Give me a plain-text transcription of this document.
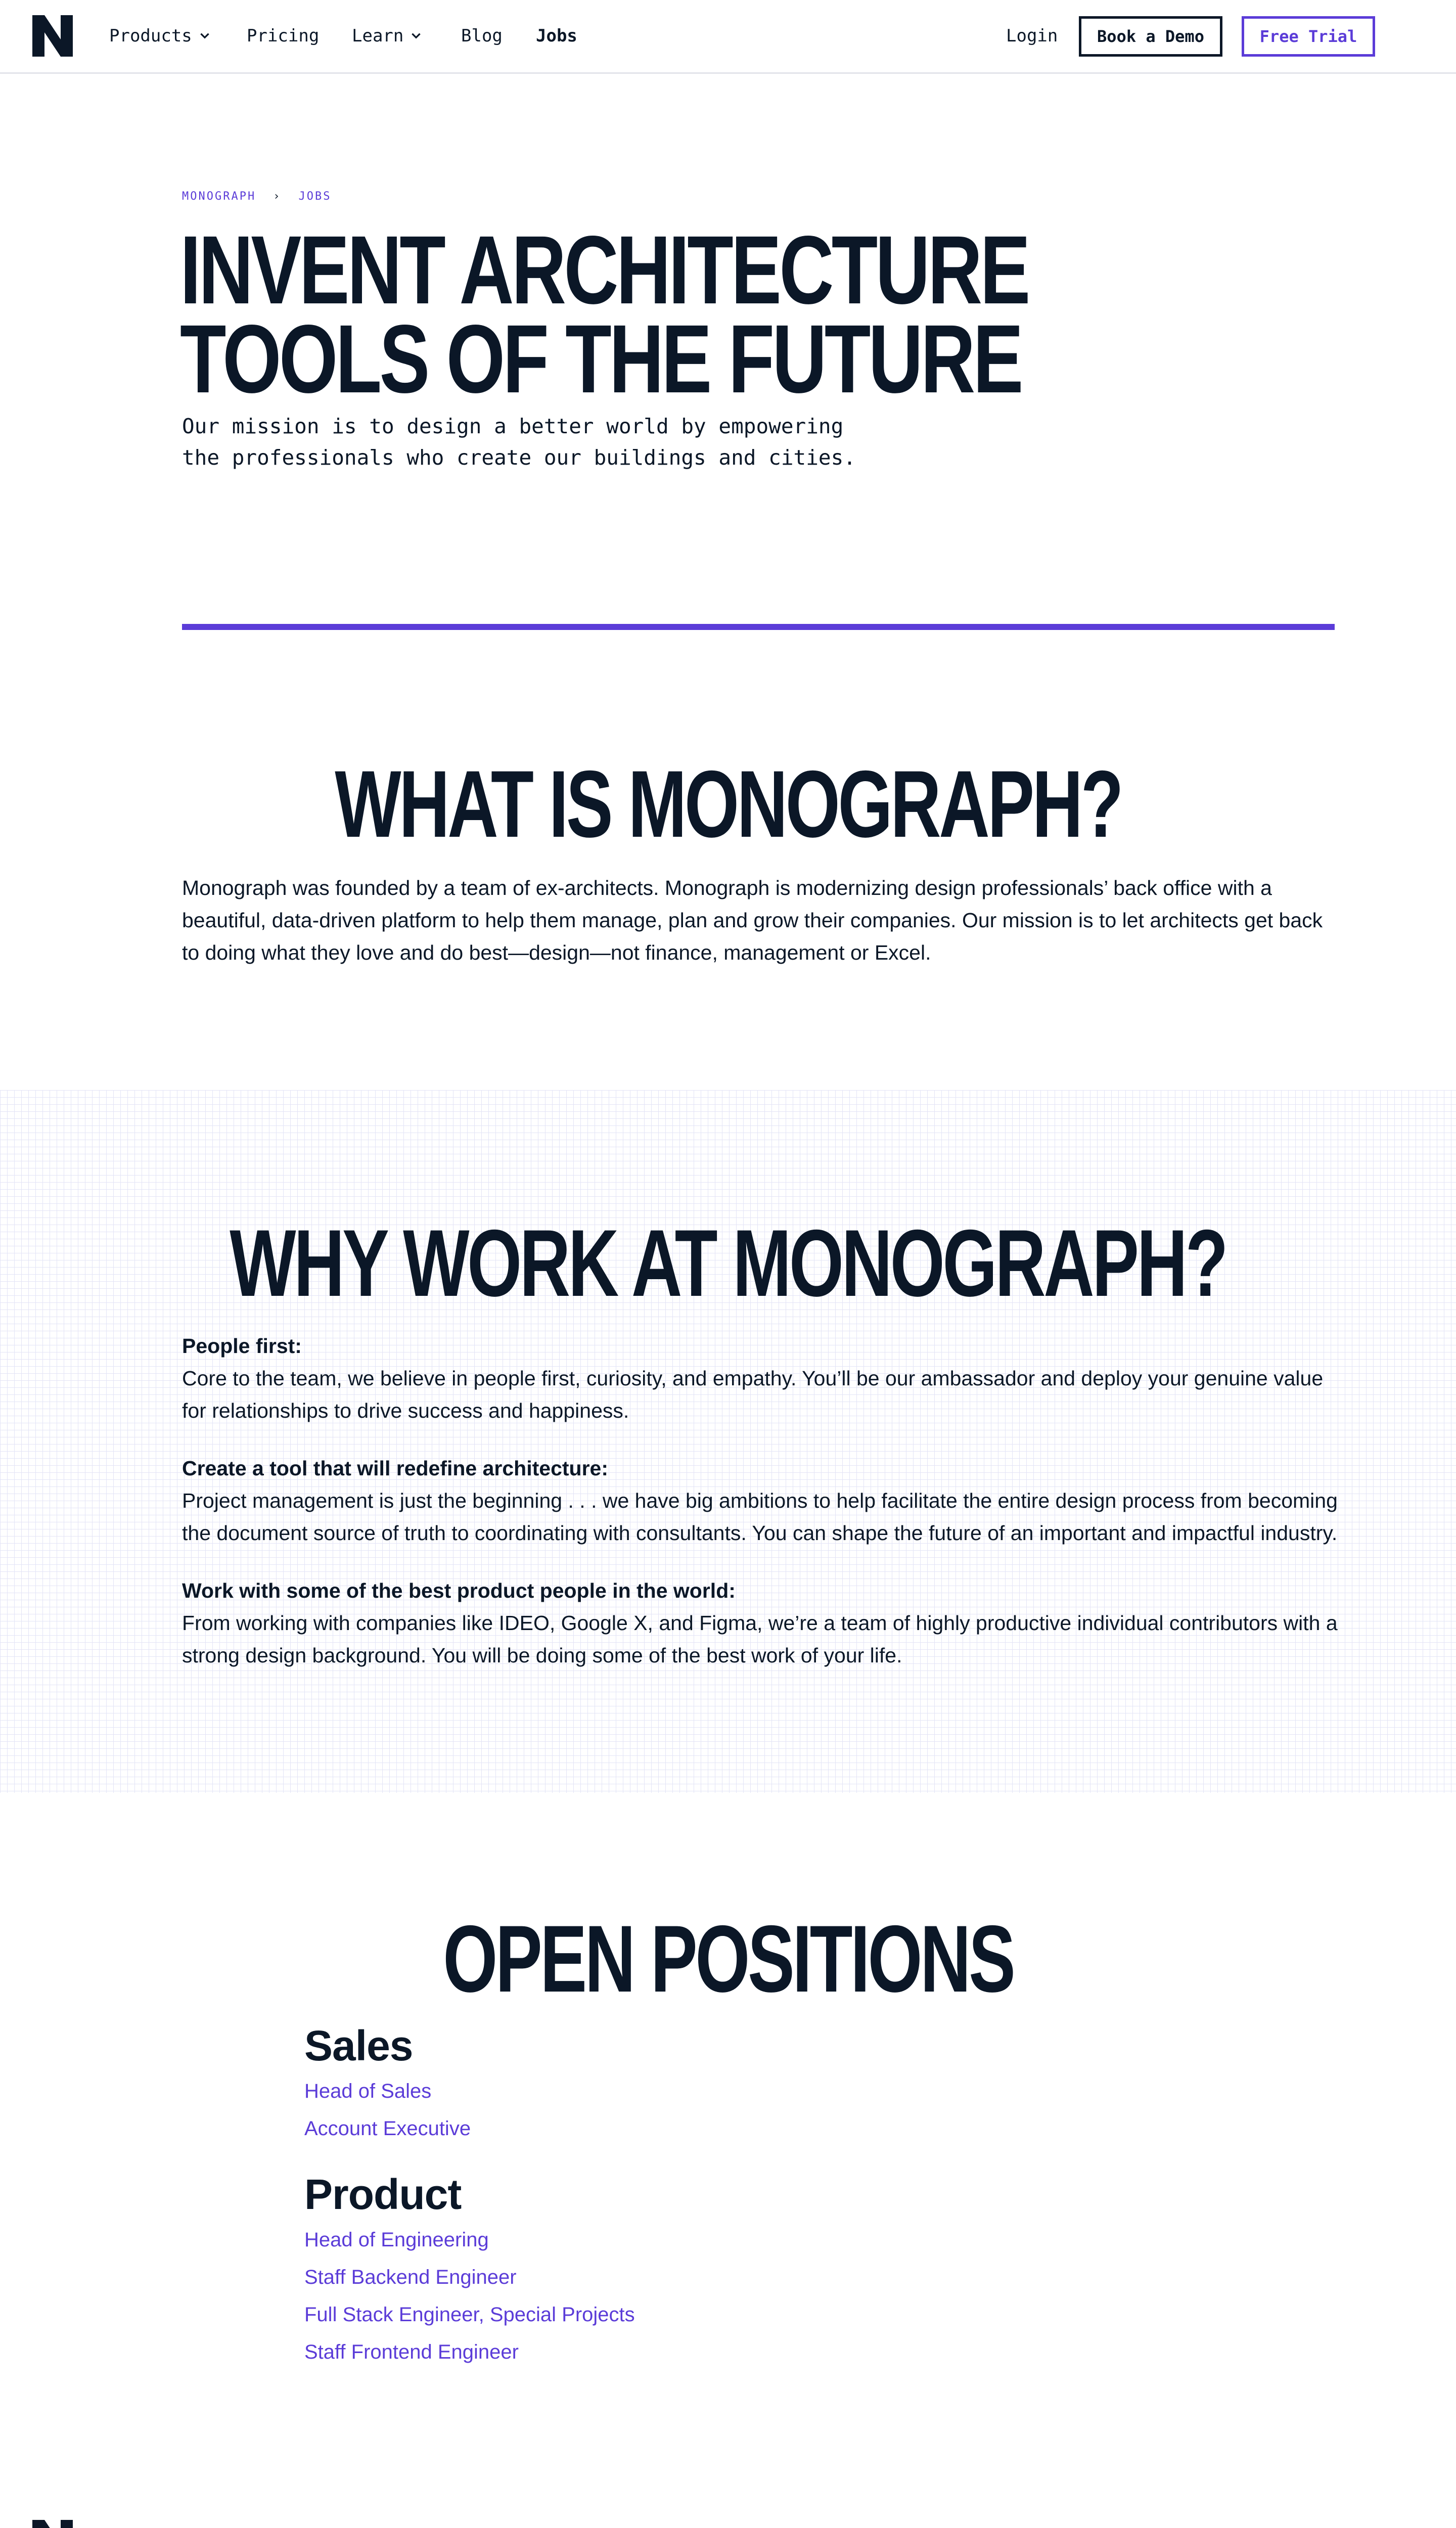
Products	Pricing Learn	Blog Jobs	Login	Book a Demo	Free Trial
MONOGRAPH › JOBS
INVENT ARCHITECTURE TOOLS OF THE FUTURE

Our mission is to design a better world by empowering the professionals who create our buildings and cities.

WHAT IS MONOGRAPH?

Monograph was founded by a team of ex-architects. Monograph is modernizing design professionals’ back office with a beautiful, data-driven platform to help them manage, plan and grow their companies. Our mission is to let architects get back to doing what they love and do best—design—not finance, management or Excel.

WHY WORK AT MONOGRAPH?
People first:
Core to the team, we believe in people first, curiosity, and empathy. You’ll be our ambassador and deploy your genuine value for relationships to drive success and happiness.
Create a tool that will redefine architecture:
Project management is just the beginning . . . we have big ambitions to help facilitate the entire design process from becoming the document source of truth to coordinating with consultants. You can shape the future of an important and impactful industry.
Work with some of the best product people in the world:
From working with companies like IDEO, Google X, and Figma, we’re a team of highly productive individual contributors with a strong design background. You will be doing some of the best work of your life.
OPEN POSITIONS
Sales
Head of Sales
Account Executive
Product
Head of Engineering
Staff Backend Engineer
Full Stack Engineer, Special Projects
Staff Frontend Engineer
